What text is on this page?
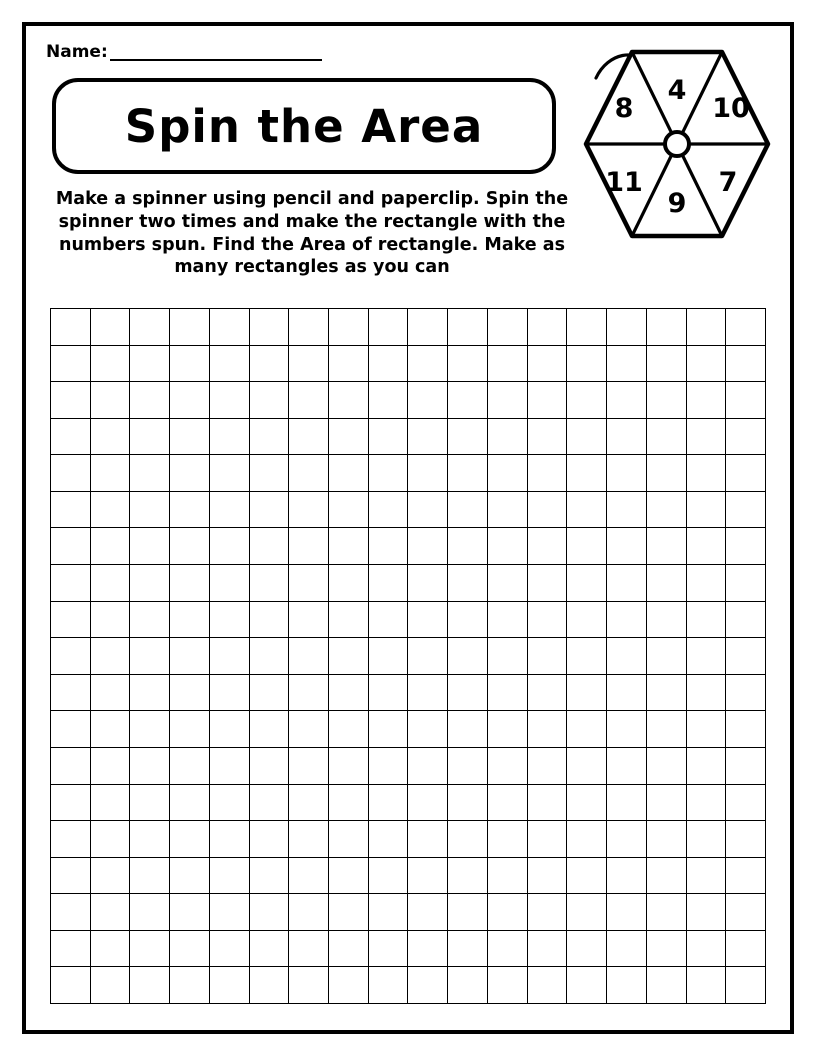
Name:
Spin the Area
Make a spinner using pencil and paperclip. Spin the spinner two times and make the rectangle with the numbers spun. Find the Area of rectangle. Make as many rectangles as you can
4
10
7
9
11
8
